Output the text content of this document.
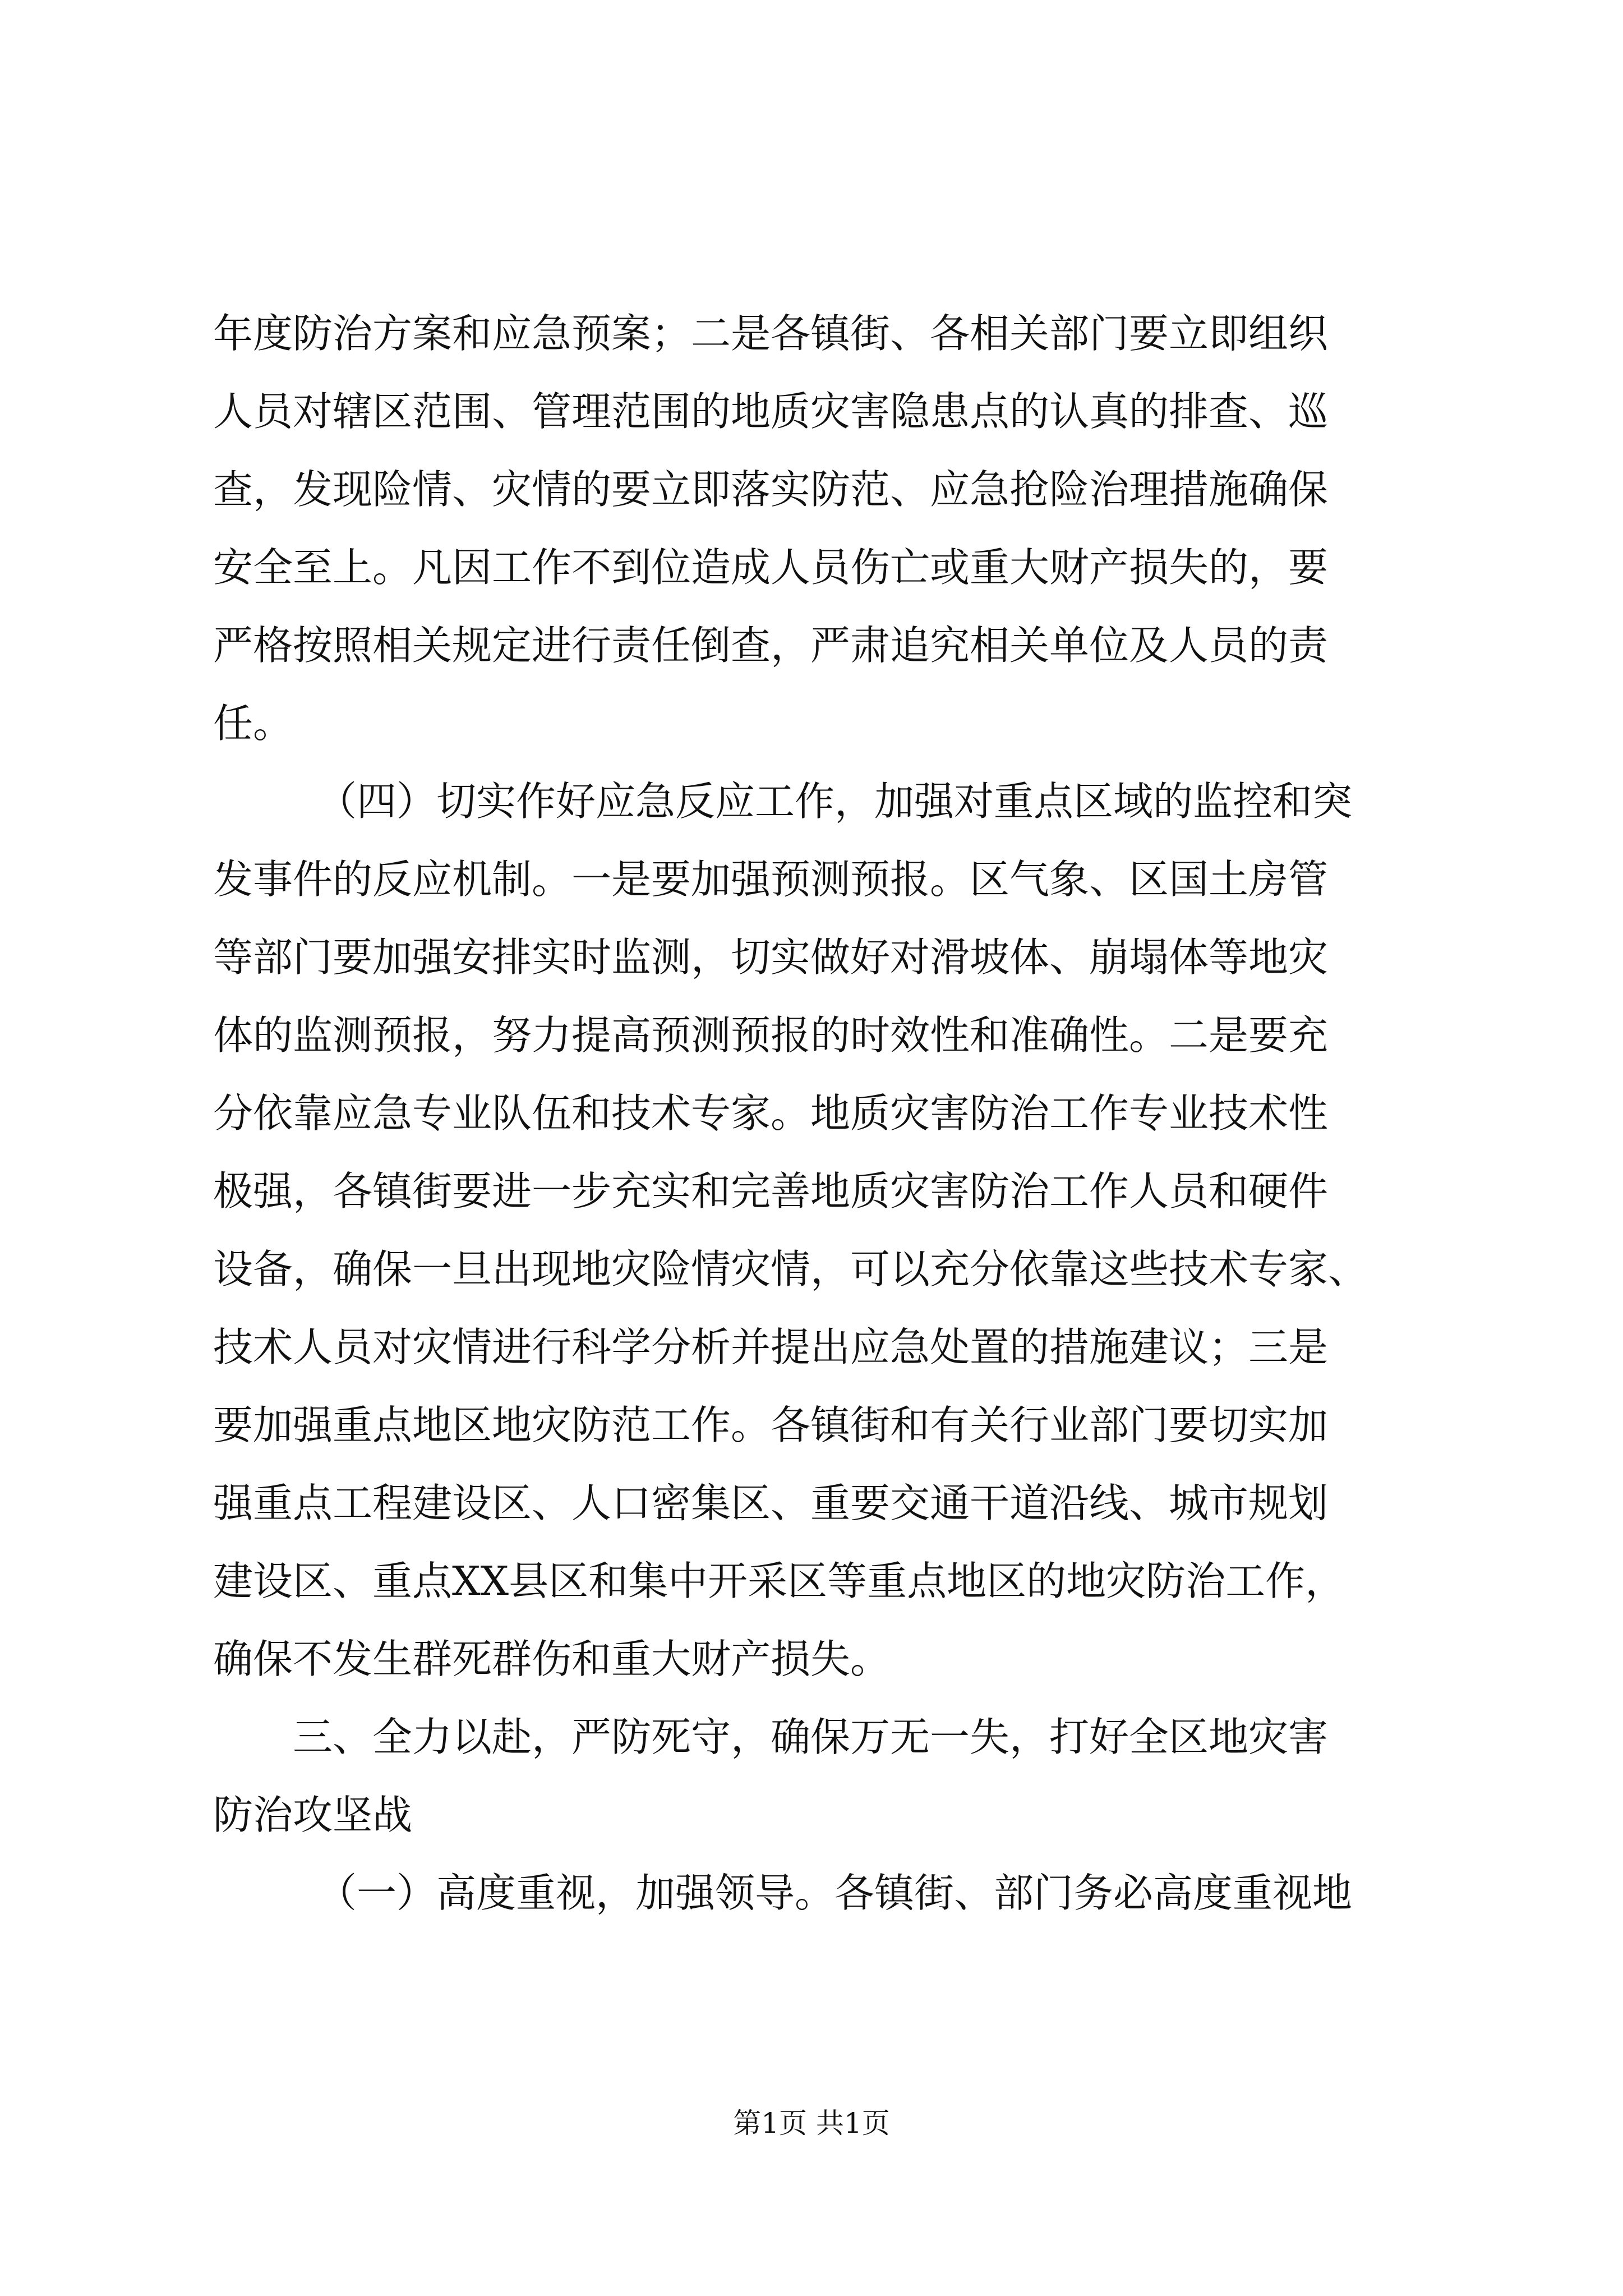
年度防治方案和应急预案；二是各镇街、各相关部门要立即组织
人员对辖区范围、管理范围的地质灾害隐患点的认真的排查、巡
查，发现险情、灾情的要立即落实防范、应急抢险治理措施确保
安全至上。凡因工作不到位造成人员伤亡或重大财产损失的，要
严格按照相关规定进行责任倒查，严肃追究相关单位及人员的责
任。
（四）切实作好应急反应工作，加强对重点区域的监控和突
发事件的反应机制。一是要加强预测预报。区气象、区国土房管
等部门要加强安排实时监测，切实做好对滑坡体、崩塌体等地灾
体的监测预报，努力提高预测预报的时效性和准确性。二是要充
分依靠应急专业队伍和技术专家。地质灾害防治工作专业技术性
极强，各镇街要进一步充实和完善地质灾害防治工作人员和硬件
设备，确保一旦出现地灾险情灾情，可以充分依靠这些技术专家、
技术人员对灾情进行科学分析并提出应急处置的措施建议；三是
要加强重点地区地灾防范工作。各镇街和有关行业部门要切实加
强重点工程建设区、人口密集区、重要交通干道沿线、城市规划
建设区、重点XX县区和集中开采区等重点地区的地灾防治工作，
确保不发生群死群伤和重大财产损失。
三、全力以赴，严防死守，确保万无一失，打好全区地灾害
防治攻坚战
（一）高度重视，加强领导。各镇街、部门务必高度重视地
第1页 共1页
